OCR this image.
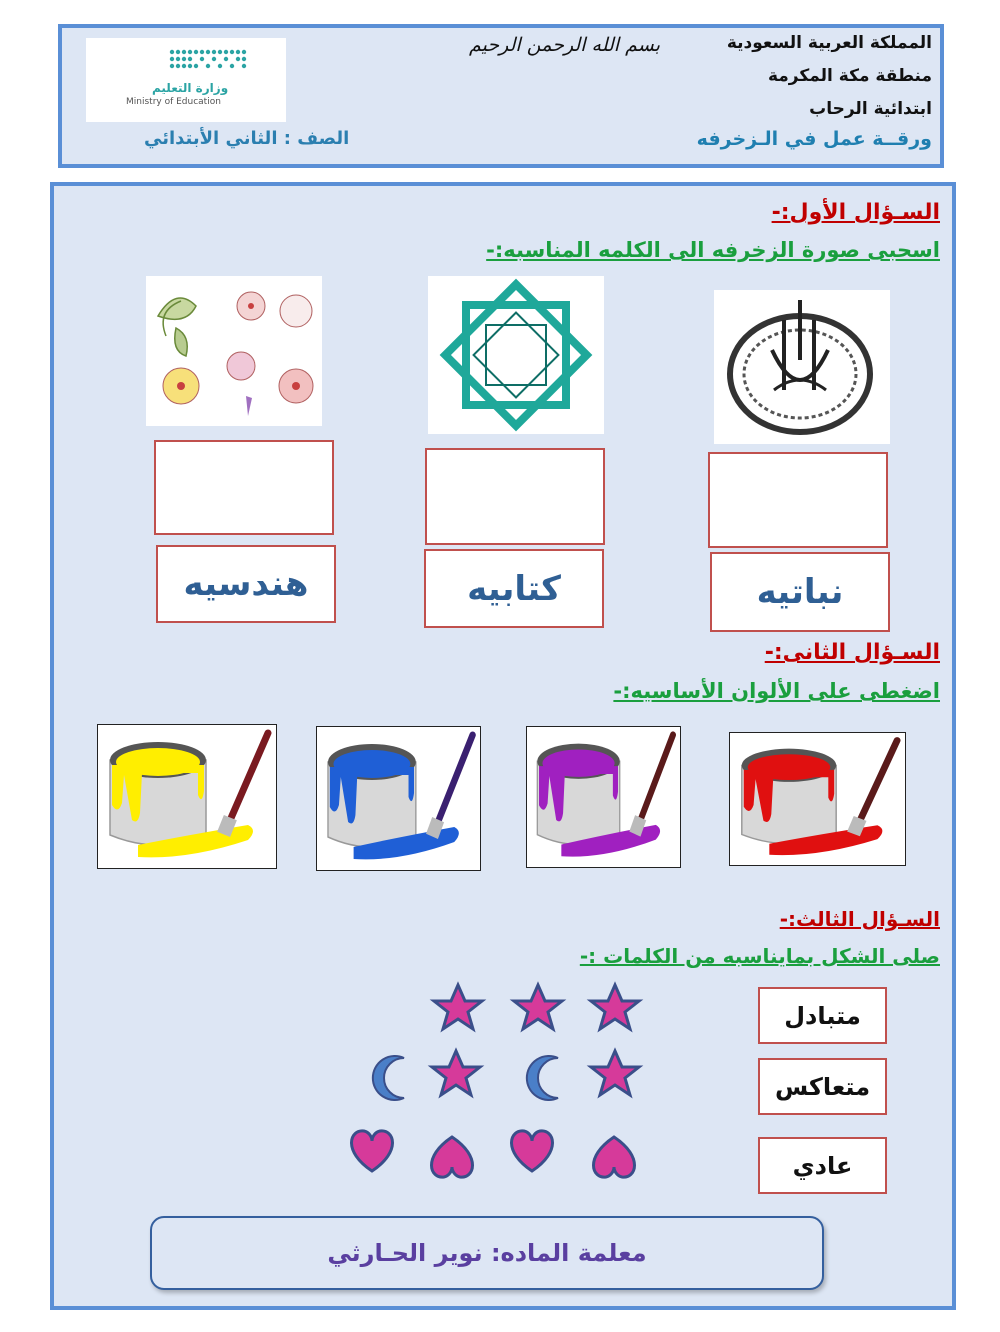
وزارة التعليم
Ministry of Education
المملكة العربية السعودية
منطقة مكة المكرمة
ابتدائية الرحاب
ورقــة عمل في الـزخرفه
بسم الله الرحمن الرحيم
الصف : الثاني الأبتدائي
السـؤال الأول:-
اسحبى صورة الزخرفه الى الكلمه المناسبه:-
هندسيه	كتابيه	نباتيه
السـؤال الثانى:-
اضغطى على الألوان الأساسيه:-
السـؤال الثالث:-
صلى الشكل بمايناسبه من الكلمات :-
متبادل
متعاكس
عادي
معلمة الماده: نوير الحـارثي
